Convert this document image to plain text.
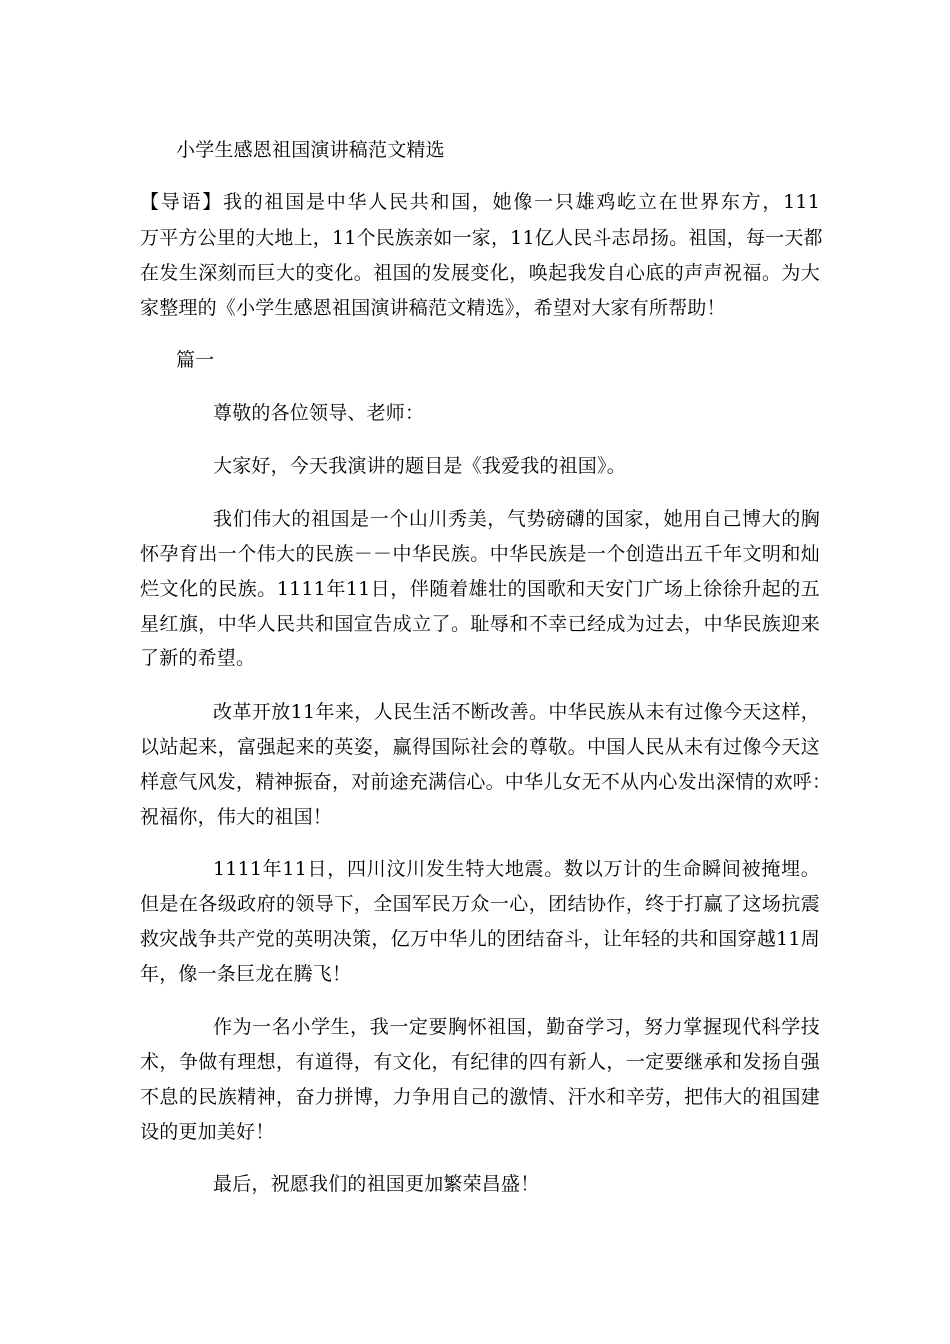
小学生感恩祖国演讲稿范文精选
【导语】我的祖国是中华人民共和国，她像一只雄鸡屹立在世界东方，111
万平方公里的大地上，11个民族亲如一家，11亿人民斗志昂扬。祖国，每一天都
在发生深刻而巨大的变化。祖国的发展变化，唤起我发自心底的声声祝福。为大
家整理的《小学生感恩祖国演讲稿范文精选》，希望对大家有所帮助！
篇一
尊敬的各位领导、老师：
大家好，今天我演讲的题目是《我爱我的祖国》。
我们伟大的祖国是一个山川秀美，气势磅礴的国家，她用自己博大的胸
怀孕育出一个伟大的民族－－中华民族。中华民族是一个创造出五千年文明和灿
烂文化的民族。1111年11日，伴随着雄壮的国歌和天安门广场上徐徐升起的五
星红旗，中华人民共和国宣告成立了。耻辱和不幸已经成为过去，中华民族迎来
了新的希望。
改革开放11年来，人民生活不断改善。中华民族从未有过像今天这样，
以站起来，富强起来的英姿，赢得国际社会的尊敬。中国人民从未有过像今天这
样意气风发，精神振奋，对前途充满信心。中华儿女无不从内心发出深情的欢呼：
祝福你，伟大的祖国！
1111年11日，四川汶川发生特大地震。数以万计的生命瞬间被掩埋。
但是在各级政府的领导下，全国军民万众一心，团结协作，终于打赢了这场抗震
救灾战争共产党的英明决策，亿万中华儿的团结奋斗，让年轻的共和国穿越11周
年，像一条巨龙在腾飞！
作为一名小学生，我一定要胸怀祖国，勤奋学习，努力掌握现代科学技
术，争做有理想，有道得，有文化，有纪律的四有新人，一定要继承和发扬自强
不息的民族精神，奋力拼博，力争用自己的激情、汗水和辛劳，把伟大的祖国建
设的更加美好！
最后，祝愿我们的祖国更加繁荣昌盛！
